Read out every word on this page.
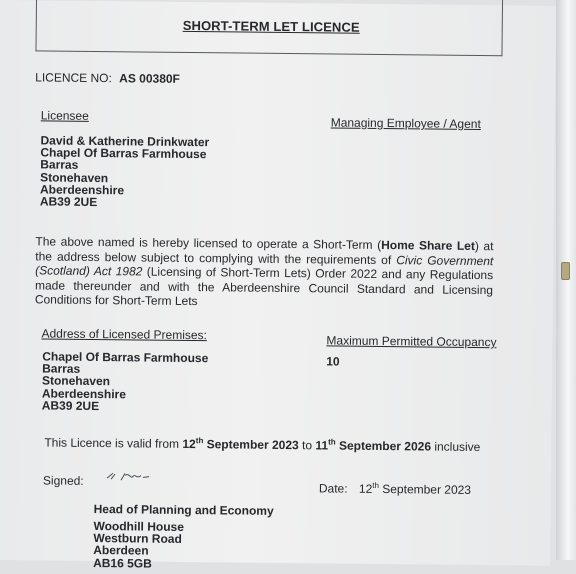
SHORT-TERM LET LICENCE
LICENCE NO: AS 00380F
Licensee	Managing Employee / Agent
David & Katherine Drinkwater
Chapel Of Barras Farmhouse
Barras
Stonehaven
Aberdeenshire
AB39 2UE
The above named is hereby licensed to operate a Short-Term (Home Share Let) at the address below subject to complying with the requirements of Civic Government (Scotland) Act 1982 (Licensing of Short-Term Lets) Order 2022 and any Regulations made thereunder and with the Aberdeenshire Council Standard and Licensing Conditions for Short-Term Lets
Address of Licensed Premises:	Maximum Permitted Occupancy
Chapel Of Barras Farmhouse
Barras
Stonehaven
Aberdeenshire
AB39 2UE
10
This Licence is valid from 12th September 2023 to 11th September 2026 inclusive
Signed:
Date: 12th September 2023
Head of Planning and Economy
Woodhill House
Westburn Road
Aberdeen
AB16 5GB
